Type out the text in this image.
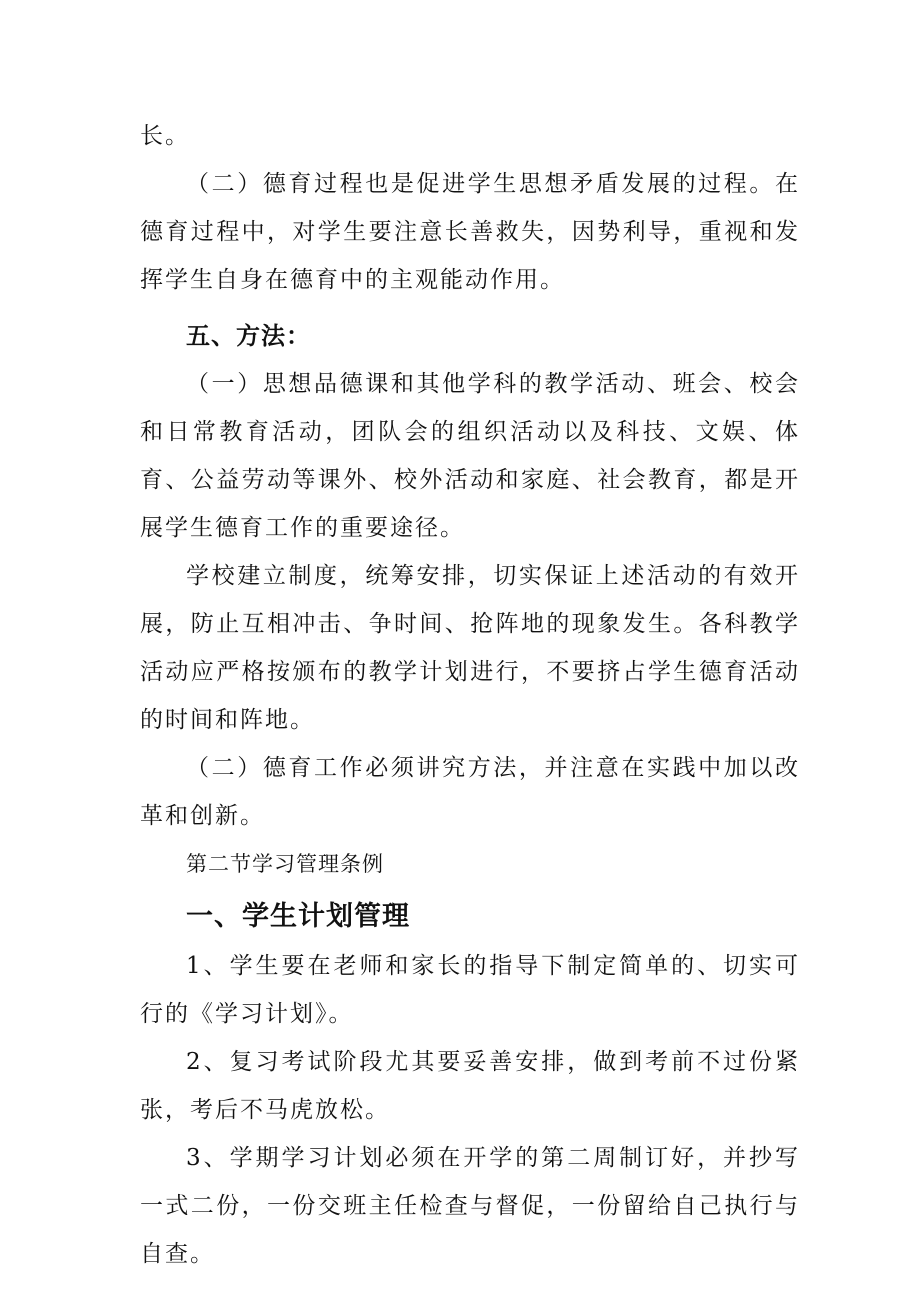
长。

（二）德育过程也是促进学生思想矛盾发展的过程。在德育过程中，对学生要注意长善救失，因势利导，重视和发挥学生自身在德育中的主观能动作用。

五、方法：

（一）思想品德课和其他学科的教学活动、班会、校会和日常教育活动，团队会的组织活动以及科技、文娱、体育、公益劳动等课外、校外活动和家庭、社会教育，都是开展学生德育工作的重要途径。

学校建立制度，统筹安排，切实保证上述活动的有效开展，防止互相冲击、争时间、抢阵地的现象发生。各科教学活动应严格按颁布的教学计划进行，不要挤占学生德育活动的时间和阵地。

（二）德育工作必须讲究方法，并注意在实践中加以改革和创新。

第二节学习管理条例

一、学生计划管理

1、学生要在老师和家长的指导下制定简单的、切实可行的《学习计划》。

2、复习考试阶段尤其要妥善安排，做到考前不过份紧张，考后不马虎放松。

3、学期学习计划必须在开学的第二周制订好，并抄写一式二份，一份交班主任检查与督促，一份留给自己执行与自查。
